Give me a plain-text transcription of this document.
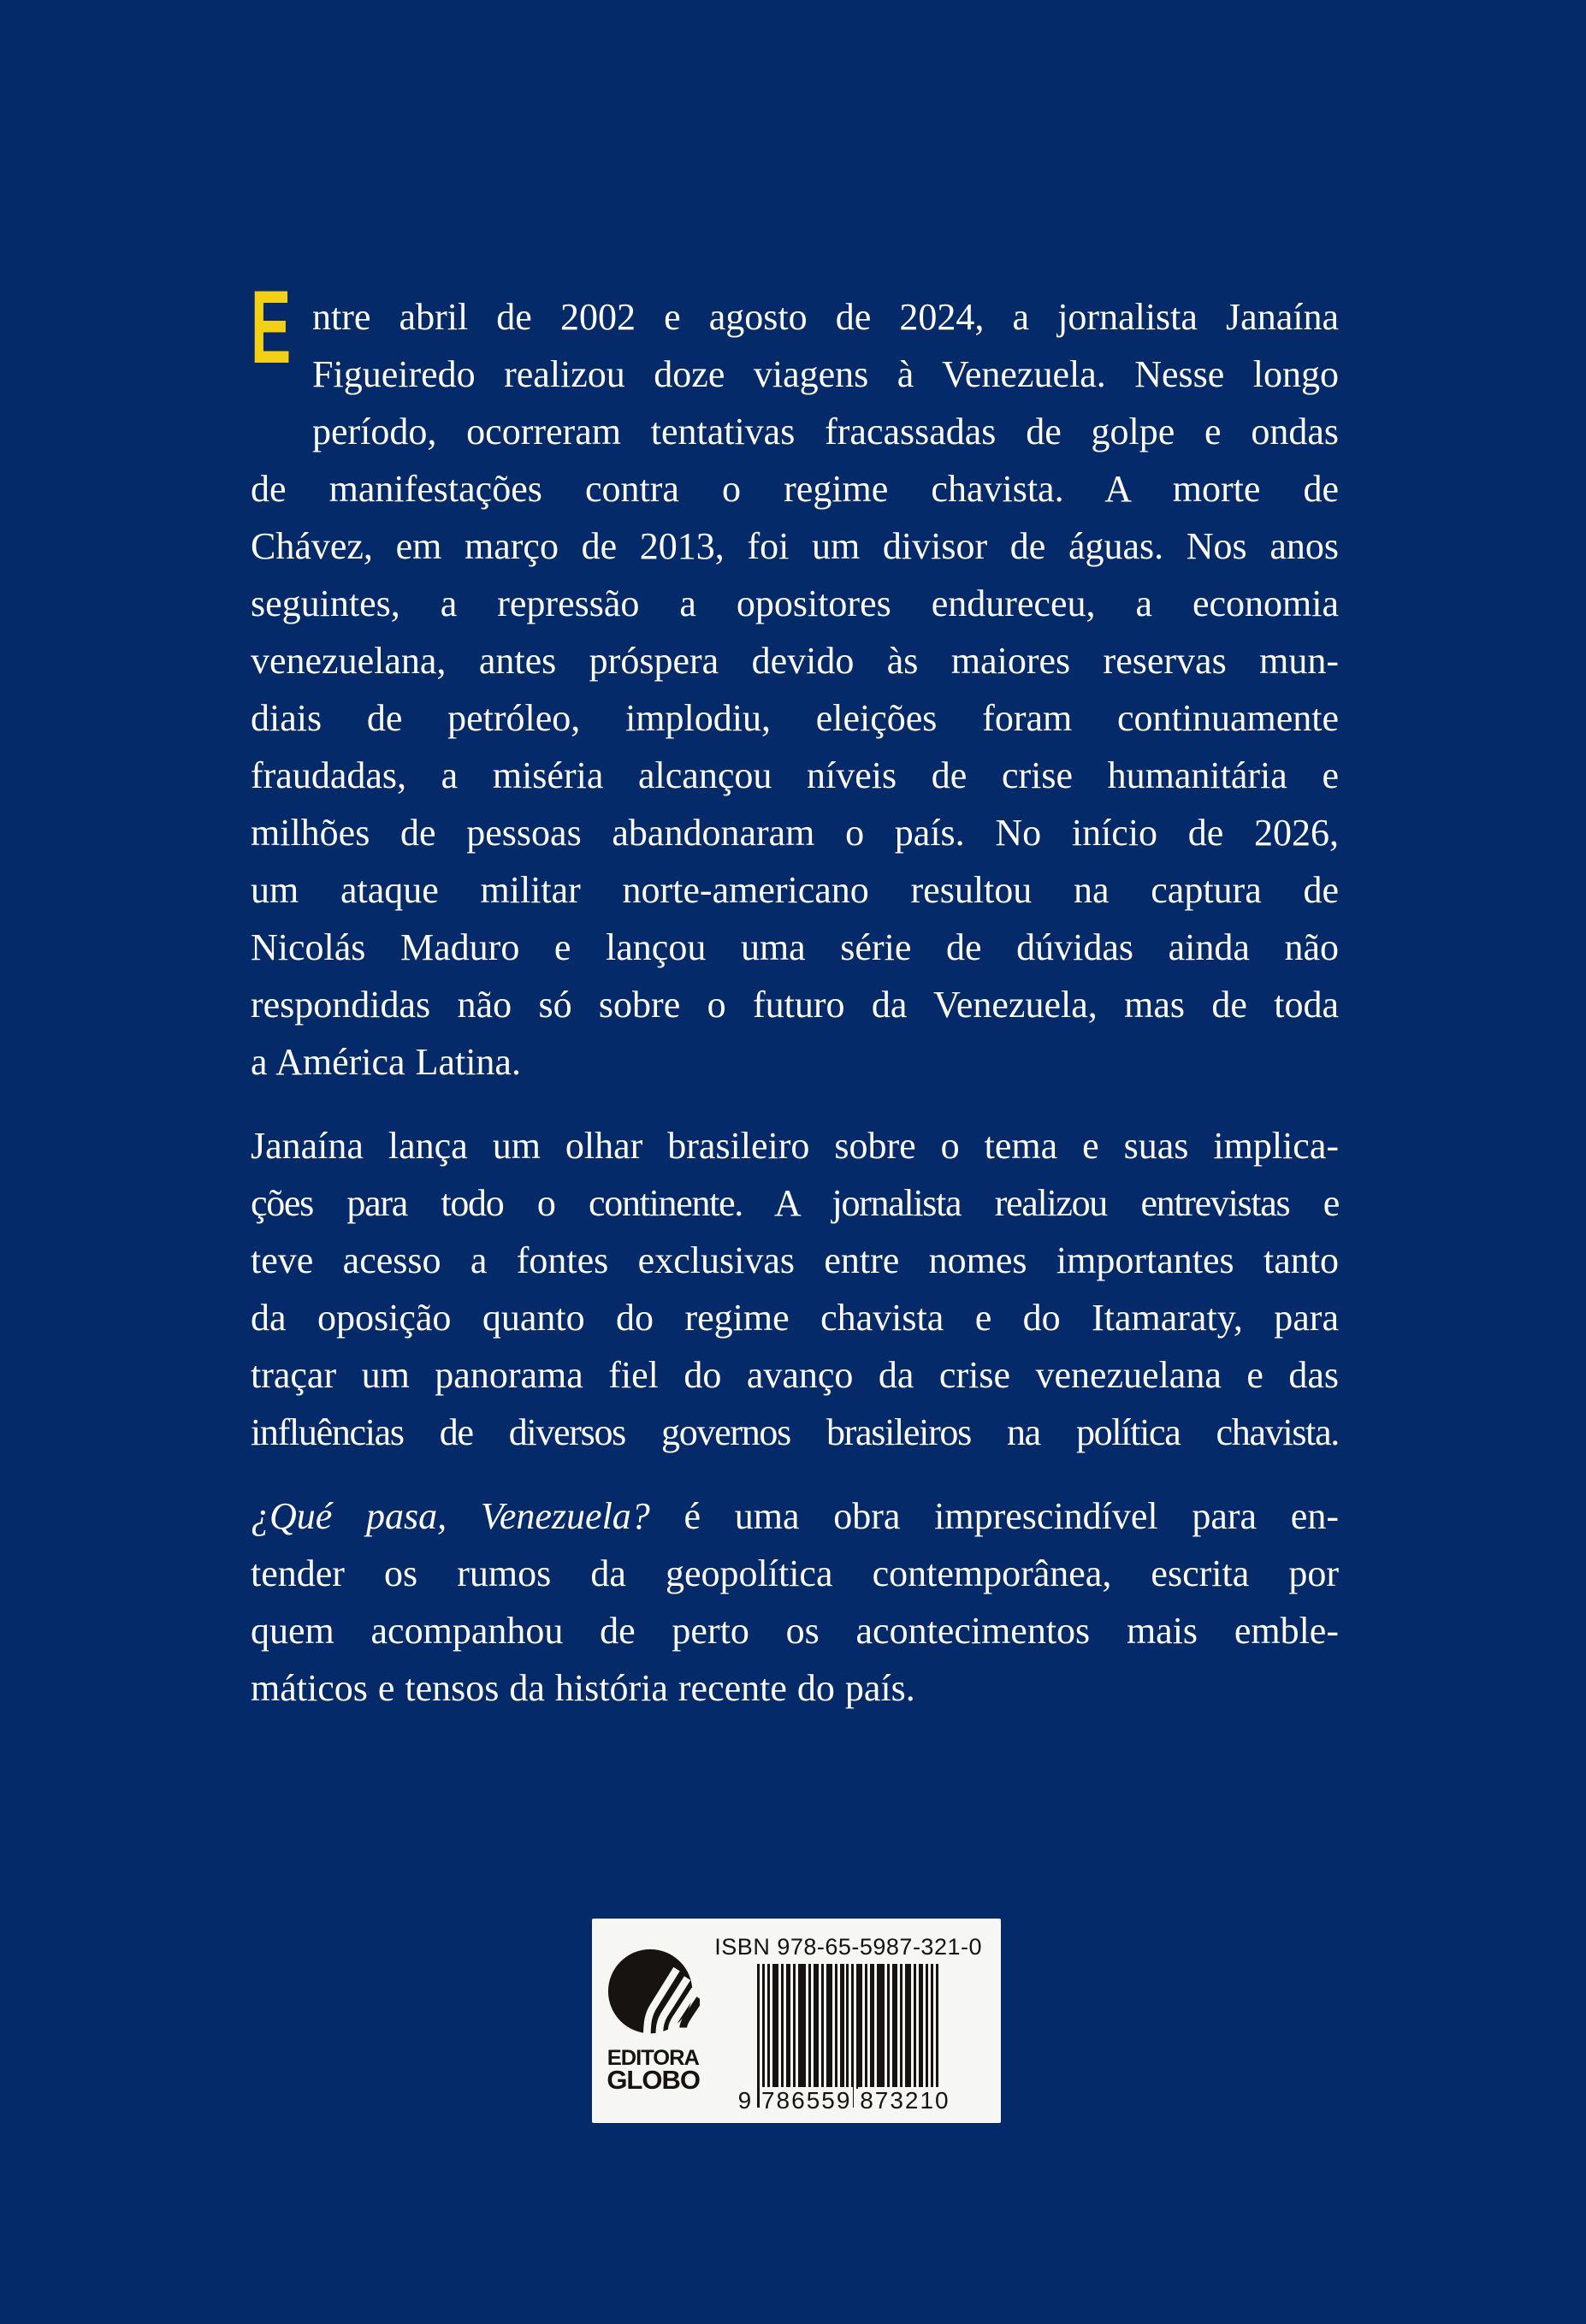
E ntre abril de 2002 e agosto de 2024, a jornalista Janaína
Figueiredo realizou doze viagens à Venezuela. Nesse longo
período, ocorreram tentativas fracassadas de golpe e ondas
de manifestações contra o regime chavista. A morte de
Chávez, em março de 2013, foi um divisor de águas. Nos anos
seguintes, a repressão a opositores endureceu, a economia
venezuelana, antes próspera devido às maiores reservas mun-
diais de petróleo, implodiu, eleições foram continuamente
fraudadas, a miséria alcançou níveis de crise humanitária e
milhões de pessoas abandonaram o país. No início de 2026,
um ataque militar norte-americano resultou na captura de
Nicolás Maduro e lançou uma série de dúvidas ainda não
respondidas não só sobre o futuro da Venezuela, mas de toda
a América Latina.
Janaína lança um olhar brasileiro sobre o tema e suas implica-
ções para todo o continente. A jornalista realizou entrevistas e
teve acesso a fontes exclusivas entre nomes importantes tanto
da oposição quanto do regime chavista e do Itamaraty, para
traçar um panorama fiel do avanço da crise venezuelana e das
influências de diversos governos brasileiros na política chavista.
¿Qué pasa, Venezuela? é uma obra imprescindível para en-
tender os rumos da geopolítica contemporânea, escrita por
quem acompanhou de perto os acontecimentos mais emble-
máticos e tensos da história recente do país.
EDITORA
GLOBO
ISBN 978-65-5987-321-0
9 786559 873210
